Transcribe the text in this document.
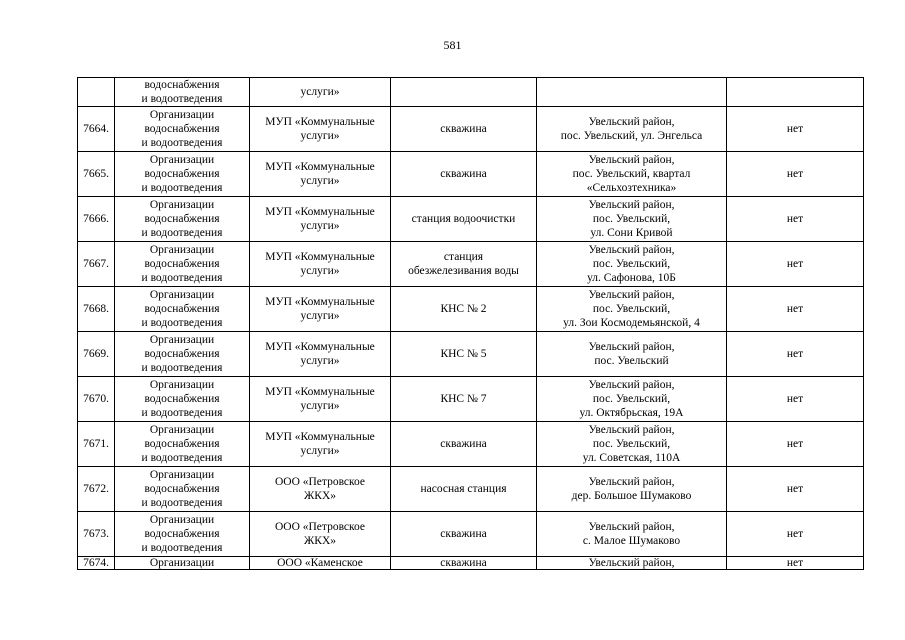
581

	водоснабжения
и водоотведения	услуги»			

7664.	Организации
водоснабжения
и водоотведения	МУП «Коммунальные
услуги»	скважина	Увельский район,
пос. Увельский, ул. Энгельса	нет
7665.	Организации
водоснабжения
и водоотведения	МУП «Коммунальные
услуги»	скважина	Увельский район,
пос. Увельский, квартал
«Сельхозтехника»	нет
7666.	Организации
водоснабжения
и водоотведения	МУП «Коммунальные
услуги»	станция водоочистки	Увельский район,
пос. Увельский,
ул. Сони Кривой	нет
7667.	Организации
водоснабжения
и водоотведения	МУП «Коммунальные
услуги»	станция
обезжелезивания воды	Увельский район,
пос. Увельский,
ул. Сафонова, 10Б	нет
7668.	Организации
водоснабжения
и водоотведения	МУП «Коммунальные
услуги»	КНС № 2	Увельский район,
пос. Увельский,
ул. Зои Космодемьянской, 4	нет
7669.	Организации
водоснабжения
и водоотведения	МУП «Коммунальные
услуги»	КНС № 5	Увельский район,
пос. Увельский	нет
7670.	Организации
водоснабжения
и водоотведения	МУП «Коммунальные
услуги»	КНС № 7	Увельский район,
пос. Увельский,
ул. Октябрьская, 19А	нет
7671.	Организации
водоснабжения
и водоотведения	МУП «Коммунальные
услуги»	скважина	Увельский район,
пос. Увельский,
ул. Советская, 110А	нет
7672.	Организации
водоснабжения
и водоотведения	ООО «Петровское
ЖКХ»	насосная станция	Увельский район,
дер. Большое Шумаково	нет
7673.	Организации
водоснабжения
и водоотведения	ООО «Петровское
ЖКХ»	скважина	Увельский район,
с. Малое Шумаково	нет
7674.	Организации	ООО «Каменское	скважина	Увельский район,	нет
